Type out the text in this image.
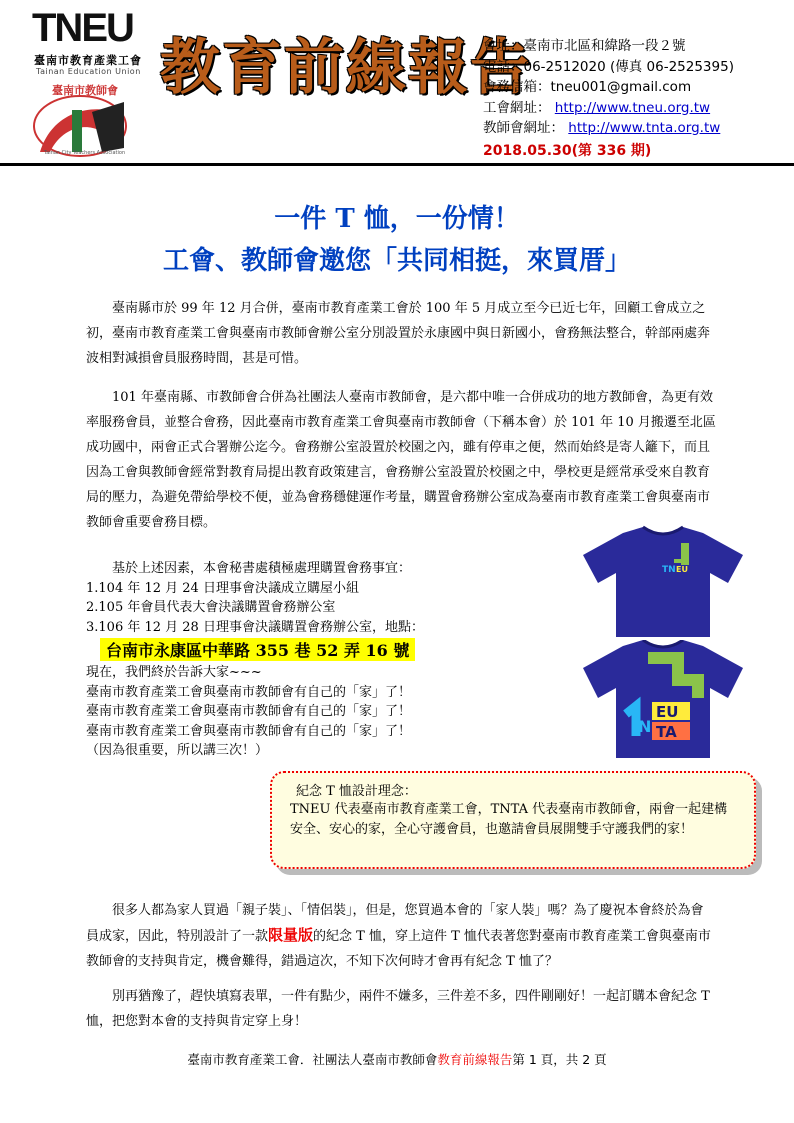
TNEU
臺南市教育產業工會
Tainan Education Union
臺南市教師會
Tainan City Teachers Association
教育前線報告
會址：臺南市北區和緯路一段２號
電話：06-2512020 (傳真 06-2525395)
會務信箱：tneu001@gmail.com
工會網址： http://www.tneu.org.tw
教師會網址： http://www.tnta.org.tw
2018.05.30(第 336 期)
一件 T 恤，一份情！
工會、教師會邀您「共同相挺，來買厝」

臺南縣市於 99 年 12 月合併，臺南市教育產業工會於 100 年 5 月成立至今已近七年，回顧工會成立之初，臺南市教育產業工會與臺南市教師會辦公室分別設置於永康國中與日新國小，會務無法整合，幹部兩處奔波相對減損會員服務時間，甚是可惜。

101 年臺南縣、市教師會合併為社團法人臺南市教師會，是六都中唯一合併成功的地方教師會，為更有效率服務會員，並整合會務，因此臺南市教育產業工會與臺南市教師會（下稱本會）於 101 年 10 月搬遷至北區成功國中，兩會正式合署辦公迄今。會務辦公室設置於校園之內，雖有停車之便，然而始終是寄人籬下，而且因為工會與教師會經常對教育局提出教育政策建言，會務辦公室設置於校園之中，學校更是經常承受來自教育局的壓力，為避免帶給學校不便，並為會務穩健運作考量，購置會務辦公室成為臺南市教育產業工會與臺南市教師會重要會務目標。

基於上述因素，本會秘書處積極處理購置會務事宜：
1.104 年 12 月 24 日理事會決議成立購屋小組
2.105 年會員代表大會決議購置會務辦公室
3.106 年 12 月 28 日理事會決議購置會務辦公室，地點：
台南市永康區中華路 355 巷 52 弄 16 號
現在，我們終於告訴大家~~~
臺南市教育產業工會與臺南市教師會有自己的「家」了！
臺南市教育產業工會與臺南市教師會有自己的「家」了！
臺南市教育產業工會與臺南市教師會有自己的「家」了！
（因為很重要，所以講三次！）
TN EU
EU
TA
N
紀念 T 恤設計理念：
TNEU 代表臺南市教育產業工會，TNTA 代表臺南市教師會，兩會一起建構安全、安心的家，全心守護會員，也邀請會員展開雙手守護我們的家！

很多人都為家人買過「親子裝」、「情侶裝」，但是，您買過本會的「家人裝」嗎？為了慶祝本會終於為會員成家，因此，特別設計了一款限量版的紀念 T 恤，穿上這件 T 恤代表著您對臺南市教育產業工會與臺南市教師會的支持與肯定，機會難得，錯過這次，不知下次何時才會再有紀念 T 恤了？

別再猶豫了，趕快填寫表單，一件有點少，兩件不嫌多，三件差不多，四件剛剛好！一起訂購本會紀念 T 恤，把您對本會的支持與肯定穿上身！

臺南市教育產業工會．社團法人臺南市教師會教育前線報告第 1 頁，共 2 頁
